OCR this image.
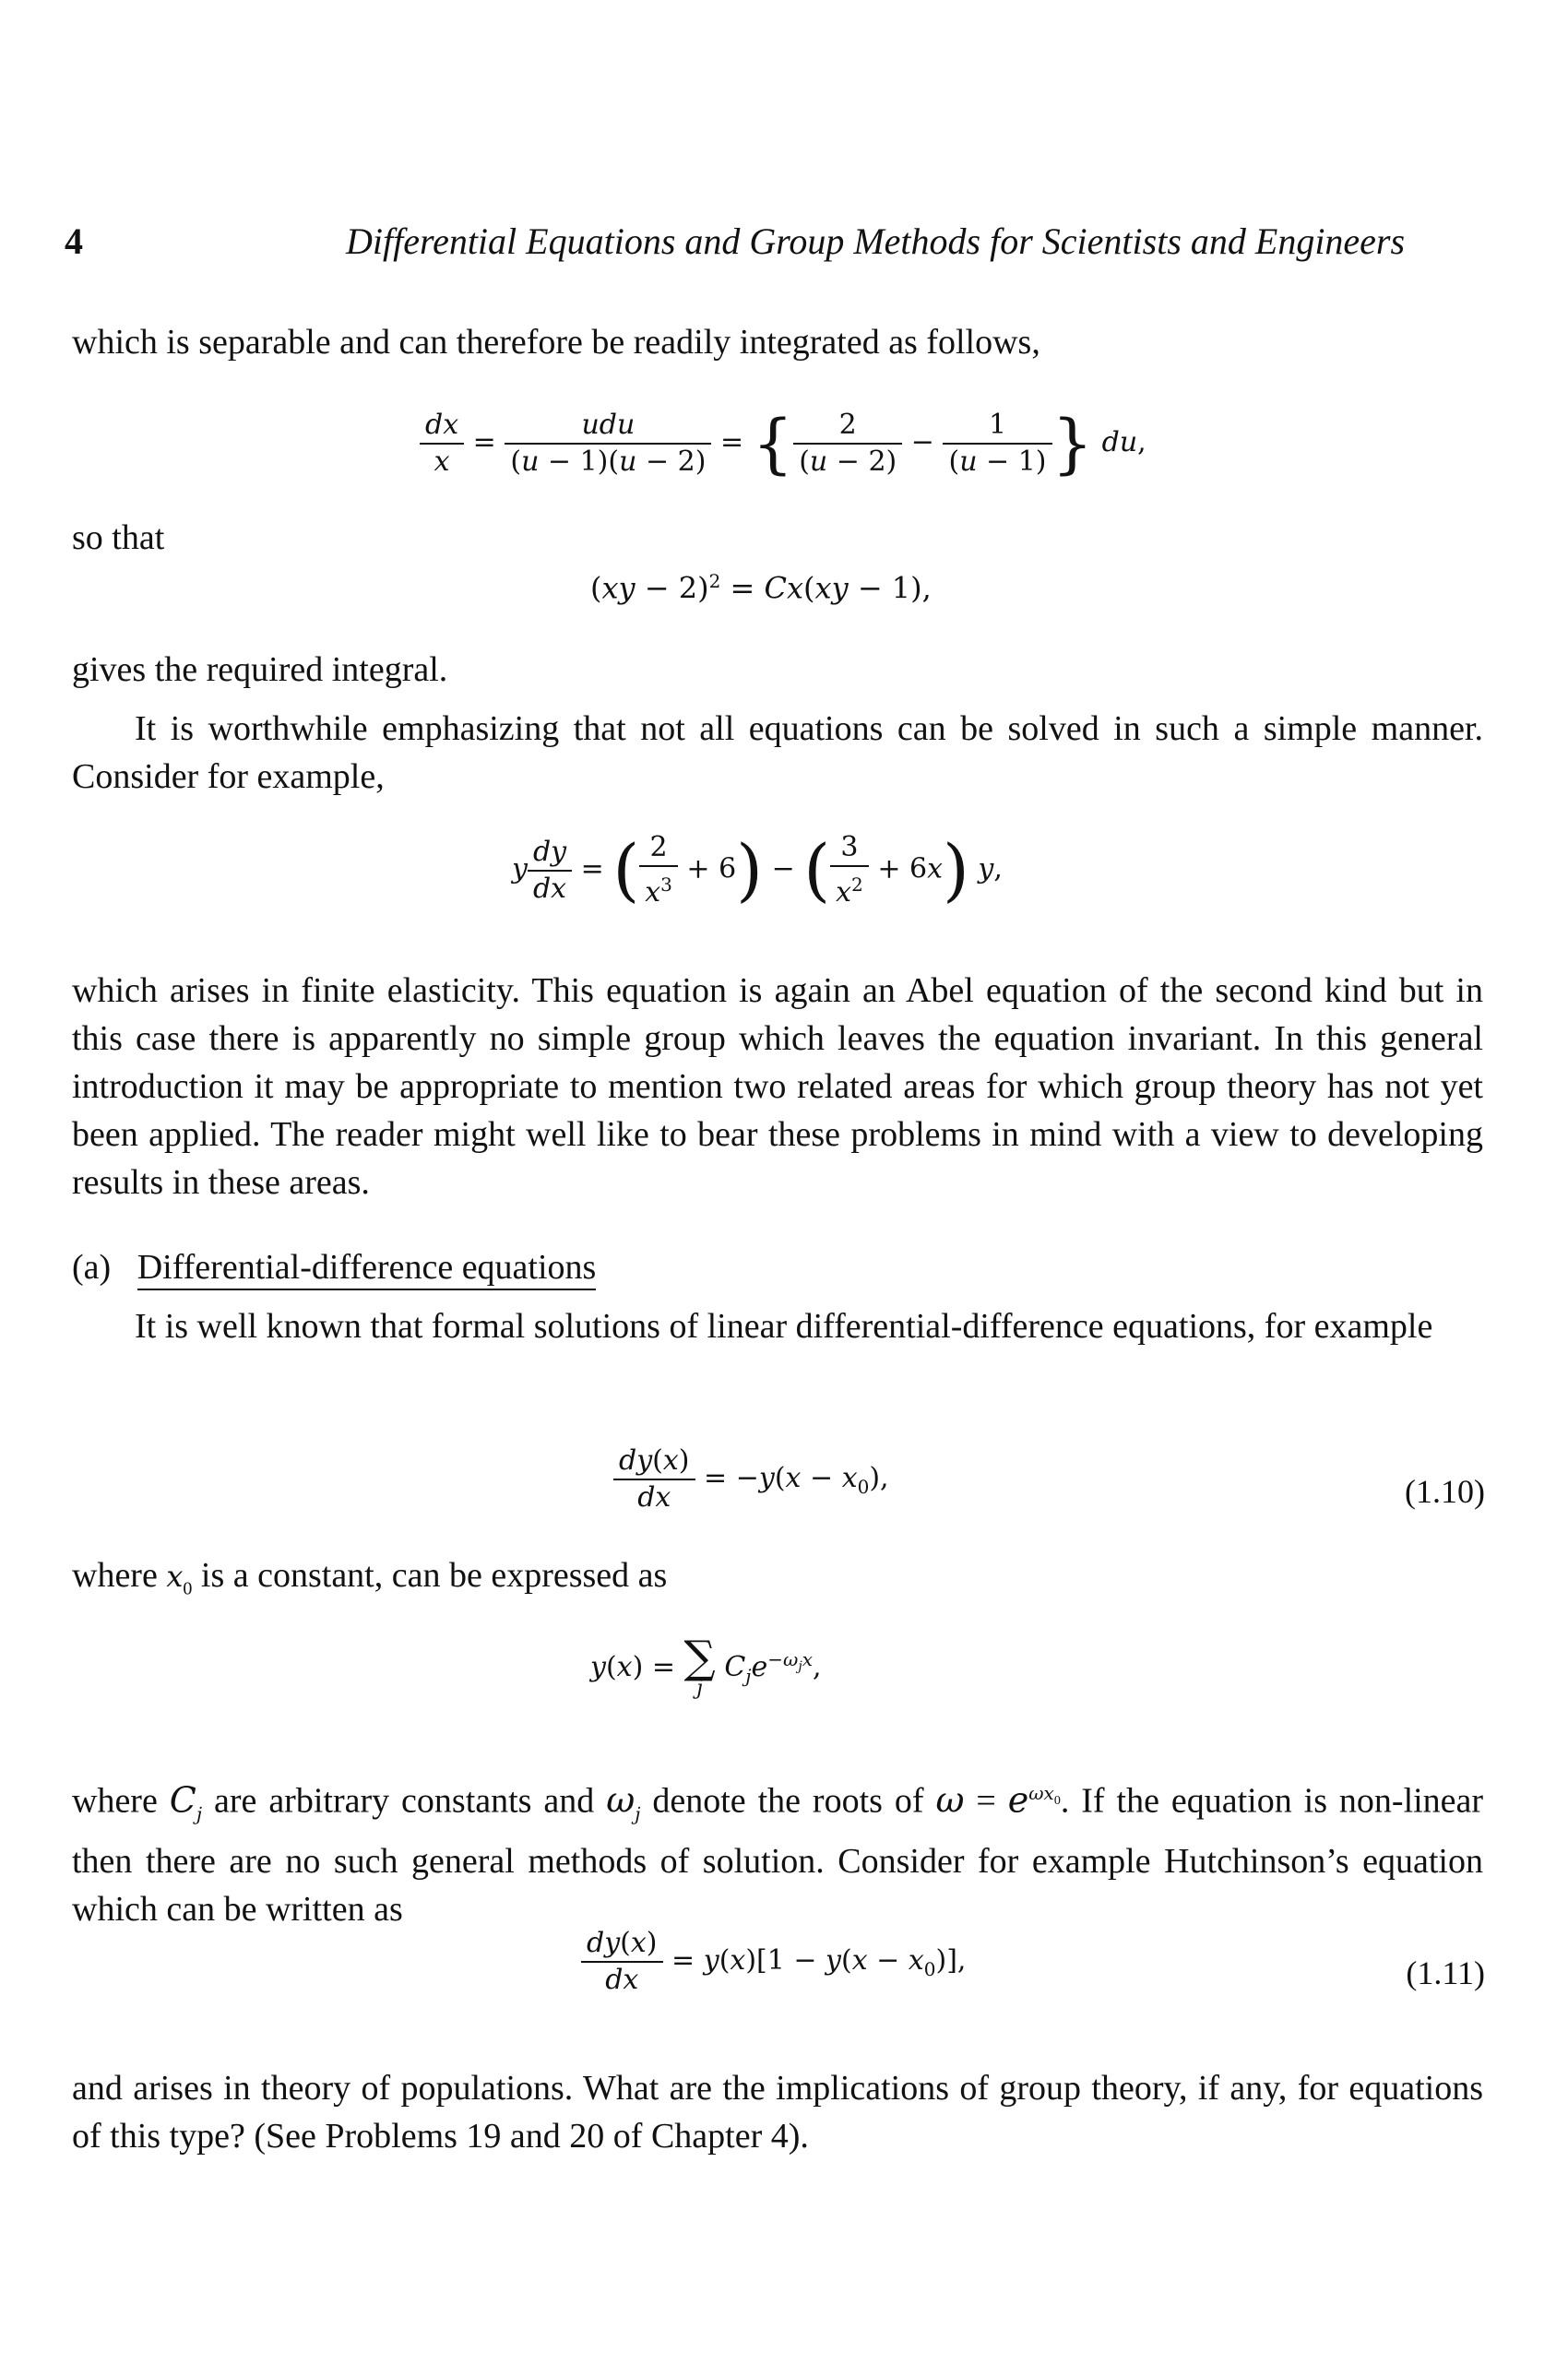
4	Differential Equations and Group Methods for Scientists and Engineers
which is separable and can therefore be readily integrated as follows,
$\frac{dx}{x} = \frac{\text{udu}}{(u - 1)(u - 2)}$ = { $\frac{2}{(u - 2)} - \frac{1}{(u - 1)}$ } du,
so that
(xy − 2)$^2$ = Cx(xy − 1),
gives the required integral.
It is worthwhile emphasizing that not all equations can be solved in such a simple manner. Consider for example,
y $\frac{dy}{dx}$ = ( $\frac{2}{x^3} + 6$) − ( $\frac{3}{x^2} + 6x$) y,
which arises in finite elasticity. This equation is again an Abel equation of the second kind but in this case there is apparently no simple group which leaves the equation invariant. In this general introduction it may be appropriate to mention two related areas for which group theory has not yet been applied. The reader might well like to bear these problems in mind with a view to developing results in these areas.
(a) Differential-difference equations
It is well known that formal solutions of linear differential-difference equations, for example
$\frac{dy(x)}{dx} = -y(x - x_0)$,	(1.10)
where $x_0$ is a constant, can be expressed as
y(x) = ∑
j
$C_je^{-\omega_jx}$,
where $C_j$ are arbitrary constants and $\omega_j$ denote the roots of $\omega = e^{\omega x_0}$. If the equation is non-linear then there are no such general methods of solution. Consider for example Hutchinson’s equation which can be written as
$\frac{dy(x)}{dx} = y(x)[1 - y(x - x_0)]$,	(1.11)
and arises in theory of populations. What are the implications of group theory, if any, for equations of this type? (See Problems 19 and 20 of Chapter 4).
